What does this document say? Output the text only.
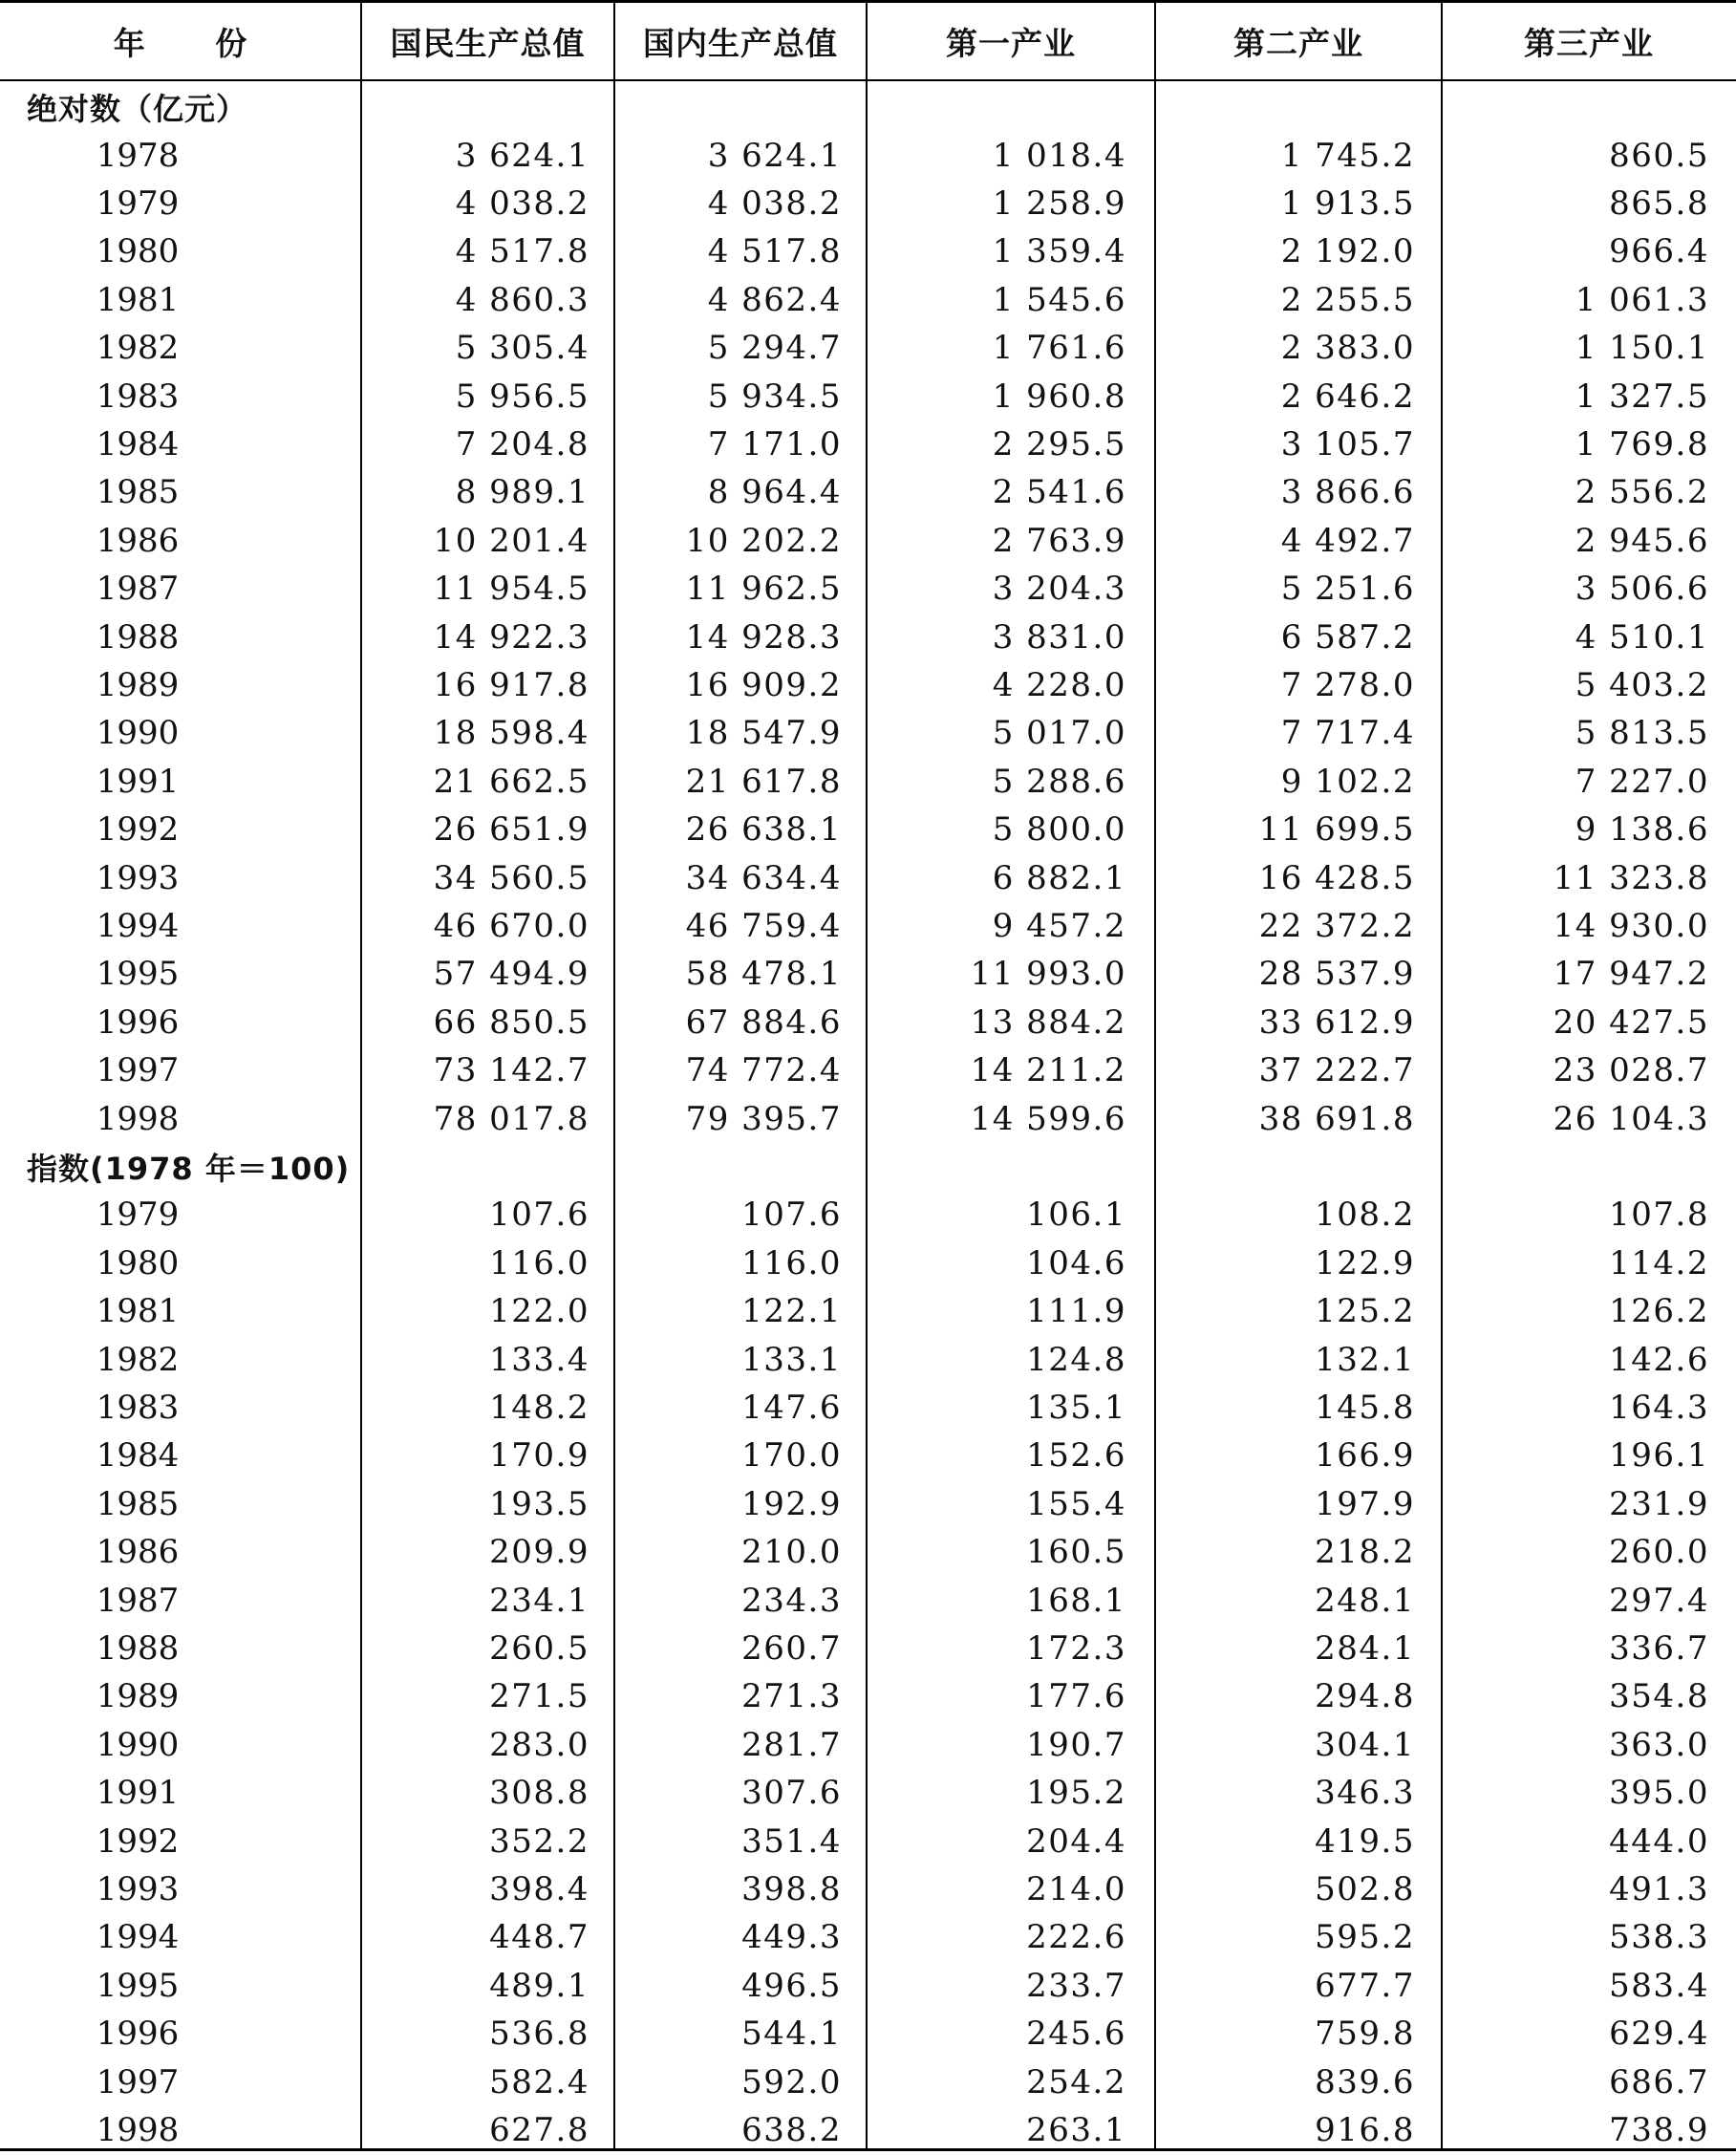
年 份	国民生产总值	国内生产总值	第一产业	第二产业	第三产业
绝对数（亿元）
1978	3 624.1	3 624.1	1 018.4	1 745.2	860.5
1979	4 038.2	4 038.2	1 258.9	1 913.5	865.8
1980	4 517.8	4 517.8	1 359.4	2 192.0	966.4
1981	4 860.3	4 862.4	1 545.6	2 255.5	1 061.3
1982	5 305.4	5 294.7	1 761.6	2 383.0	1 150.1
1983	5 956.5	5 934.5	1 960.8	2 646.2	1 327.5
1984	7 204.8	7 171.0	2 295.5	3 105.7	1 769.8
1985	8 989.1	8 964.4	2 541.6	3 866.6	2 556.2
1986	10 201.4	10 202.2	2 763.9	4 492.7	2 945.6
1987	11 954.5	11 962.5	3 204.3	5 251.6	3 506.6
1988	14 922.3	14 928.3	3 831.0	6 587.2	4 510.1
1989	16 917.8	16 909.2	4 228.0	7 278.0	5 403.2
1990	18 598.4	18 547.9	5 017.0	7 717.4	5 813.5
1991	21 662.5	21 617.8	5 288.6	9 102.2	7 227.0
1992	26 651.9	26 638.1	5 800.0	11 699.5	9 138.6
1993	34 560.5	34 634.4	6 882.1	16 428.5	11 323.8
1994	46 670.0	46 759.4	9 457.2	22 372.2	14 930.0
1995	57 494.9	58 478.1	11 993.0	28 537.9	17 947.2
1996	66 850.5	67 884.6	13 884.2	33 612.9	20 427.5
1997	73 142.7	74 772.4	14 211.2	37 222.7	23 028.7
1998	78 017.8	79 395.7	14 599.6	38 691.8	26 104.3
指数(1978 年＝100)
1979	107.6	107.6	106.1	108.2	107.8
1980	116.0	116.0	104.6	122.9	114.2
1981	122.0	122.1	111.9	125.2	126.2
1982	133.4	133.1	124.8	132.1	142.6
1983	148.2	147.6	135.1	145.8	164.3
1984	170.9	170.0	152.6	166.9	196.1
1985	193.5	192.9	155.4	197.9	231.9
1986	209.9	210.0	160.5	218.2	260.0
1987	234.1	234.3	168.1	248.1	297.4
1988	260.5	260.7	172.3	284.1	336.7
1989	271.5	271.3	177.6	294.8	354.8
1990	283.0	281.7	190.7	304.1	363.0
1991	308.8	307.6	195.2	346.3	395.0
1992	352.2	351.4	204.4	419.5	444.0
1993	398.4	398.8	214.0	502.8	491.3
1994	448.7	449.3	222.6	595.2	538.3
1995	489.1	496.5	233.7	677.7	583.4
1996	536.8	544.1	245.6	759.8	629.4
1997	582.4	592.0	254.2	839.6	686.7
1998	627.8	638.2	263.1	916.8	738.9
